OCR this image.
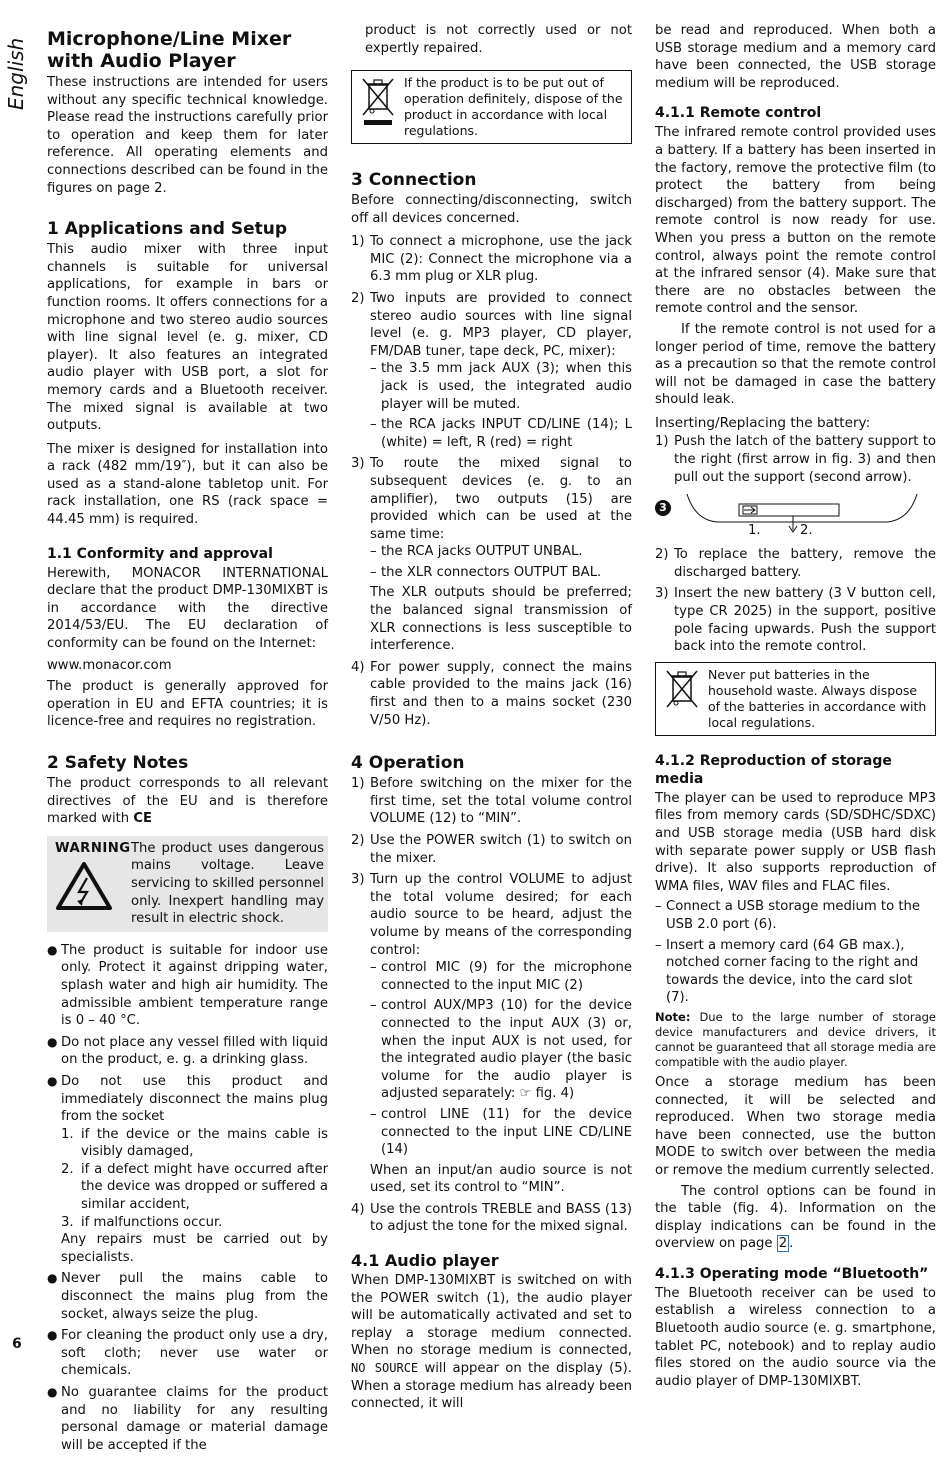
English
6
Microphone/Line Mixer with Audio Player

These instructions are intended for users without any specific technical knowledge. Please read the instructions carefully prior to operation and keep them for later reference. All operating elements and connections described can be found in the figures on page 2.

1 Applications and Setup

This audio mixer with three input channels is suitable for universal applications, for example in bars or function rooms. It offers connections for a microphone and two stereo audio sources with line signal level (e. g. mixer, CD player). It also features an integrated audio player with USB port, a slot for memory cards and a Bluetooth receiver. The mixed signal is available at two outputs.

The mixer is designed for installation into a rack (482 mm/19″), but it can also be used as a stand-alone tabletop unit. For rack installation, one RS (rack space = 44.45 mm) is required.

1.1 Conformity and approval

Herewith, MONACOR INTERNATIONAL declare that the product DMP-130MIXBT is in accordance with the directive 2014/53/EU. The EU declaration of conformity can be found on the Internet:

www.monacor.com

The product is generally approved for operation in EU and EFTA countries; it is licence-free and requires no registration.

2 Safety Notes

The product corresponds to all relevant directives of the EU and is therefore marked with CE

WARNING The product uses dangerous mains voltage. Leave servicing to skilled personnel only. Inexpert handling may result in electric shock.
● The product is suitable for indoor use only. Protect it against dripping water, splash water and high air humidity. The admissible ambient temperature range is 0 – 40 °C.
● Do not place any vessel filled with liquid on the product, e. g. a drinking glass.
● Do not use this product and immediately disconnect the mains plug from the socket
1. if the device or the mains cable is visibly damaged,
2. if a defect might have occurred after the device was dropped or suffered a similar accident,
3. if malfunctions occur.
Any repairs must be carried out by specialists.
● Never pull the mains cable to disconnect the mains plug from the socket, always seize the plug.
● For cleaning the product only use a dry, soft cloth; never use water or chemicals.
● No guarantee claims for the product and no liability for any resulting personal damage or material damage will be accepted if the

product is not correctly used or not expertly repaired.

If the product is to be put out of operation definitely, dispose of the product in accordance with local regulations.
3 Connection

Before connecting/disconnecting, switch off all devices concerned.

1) To connect a microphone, use the jack MIC (2): Connect the microphone via a 6.3 mm plug or XLR plug.
2) Two inputs are provided to connect stereo audio sources with line signal level (e. g. MP3 player, CD player, FM/DAB tuner, tape deck, PC, mixer):
– the 3.5 mm jack AUX (3); when this jack is used, the integrated audio player will be muted.
– the RCA jacks INPUT CD/LINE (14); L (white) = left, R (red) = right
3) To route the mixed signal to subsequent devices (e. g. to an amplifier), two outputs (15) are provided which can be used at the same time:
– the RCA jacks OUTPUT UNBAL.
– the XLR connectors OUTPUT BAL.
The XLR outputs should be preferred; the balanced signal transmission of XLR connections is less susceptible to interference.
4) For power supply, connect the mains cable provided to the mains jack (16) first and then to a mains socket (230 V/50 Hz).
4 Operation
1) Before switching on the mixer for the first time, set the total volume control VOLUME (12) to “MIN”.
2) Use the POWER switch (1) to switch on the mixer.
3) Turn up the control VOLUME to adjust the total volume desired; for each audio source to be heard, adjust the volume by means of the corresponding control:
– control MIC (9) for the microphone connected to the input MIC (2)
– control AUX/MP3 (10) for the device connected to the input AUX (3) or, when the input AUX is not used, for the integrated audio player (the basic volume for the audio player is adjusted separately: ☞ fig. 4)
– control LINE (11) for the device connected to the input LINE CD/LINE (14)
When an input/an audio source is not used, set its control to “MIN”.
4) Use the controls TREBLE and BASS (13) to adjust the tone for the mixed signal.
4.1 Audio player

When DMP-130MIXBT is switched on with the POWER switch (1), the audio player will be automatically activated and set to replay a storage medium connected. When no storage medium is connected, NO SOURCE will appear on the display (5). When a storage medium has already been connected, it will

be read and reproduced. When both a USB storage medium and a memory card have been connected, the USB storage medium will be reproduced.

4.1.1 Remote control

The infrared remote control provided uses a battery. If a battery has been inserted in the factory, remove the protective film (to protect the battery from being discharged) from the battery support. The remote control is now ready for use. When you press a button on the remote control, always point the remote control at the infrared sensor (4). Make sure that there are no obstacles between the remote control and the sensor.

If the remote control is not used for a longer period of time, remove the battery as a precaution so that the remote control will not be damaged in case the battery should leak.

Inserting/Replacing the battery:
1) Push the latch of the battery support to the right (first arrow in fig. 3) and then pull out the support (second arrow).
3
1.	2.
2) To replace the battery, remove the discharged battery.
3) Insert the new battery (3 V button cell, type CR 2025) in the support, positive pole facing upwards. Push the support back into the remote control.
Never put batteries in the household waste. Always dispose of the batteries in accordance with local regulations.
4.1.2 Reproduction of storage media

The player can be used to reproduce MP3 files from memory cards (SD/SDHC/SDXC) and USB storage media (USB hard disk with separate power supply or USB flash drive). It also supports reproduction of WMA files, WAV files and FLAC files.

– Connect a USB storage medium to the USB 2.0 port (6).
– Insert a memory card (64 GB max.), notched corner facing to the right and towards the device, into the card slot (7).

Note: Due to the large number of storage device manufacturers and device drivers, it cannot be guaranteed that all storage media are compatible with the audio player.

Once a storage medium has been connected, it will be selected and reproduced. When two storage media have been connected, use the button MODE to switch over between the media or remove the medium currently selected.

The control options can be found in the table (fig. 4). Information on the display indications can be found in the overview on page 2 .

4.1.3 Operating mode “Bluetooth”

The Bluetooth receiver can be used to establish a wireless connection to a Bluetooth audio source (e. g. smartphone, tablet PC, notebook) and to replay audio files stored on the audio source via the audio player of DMP-130MIXBT.
